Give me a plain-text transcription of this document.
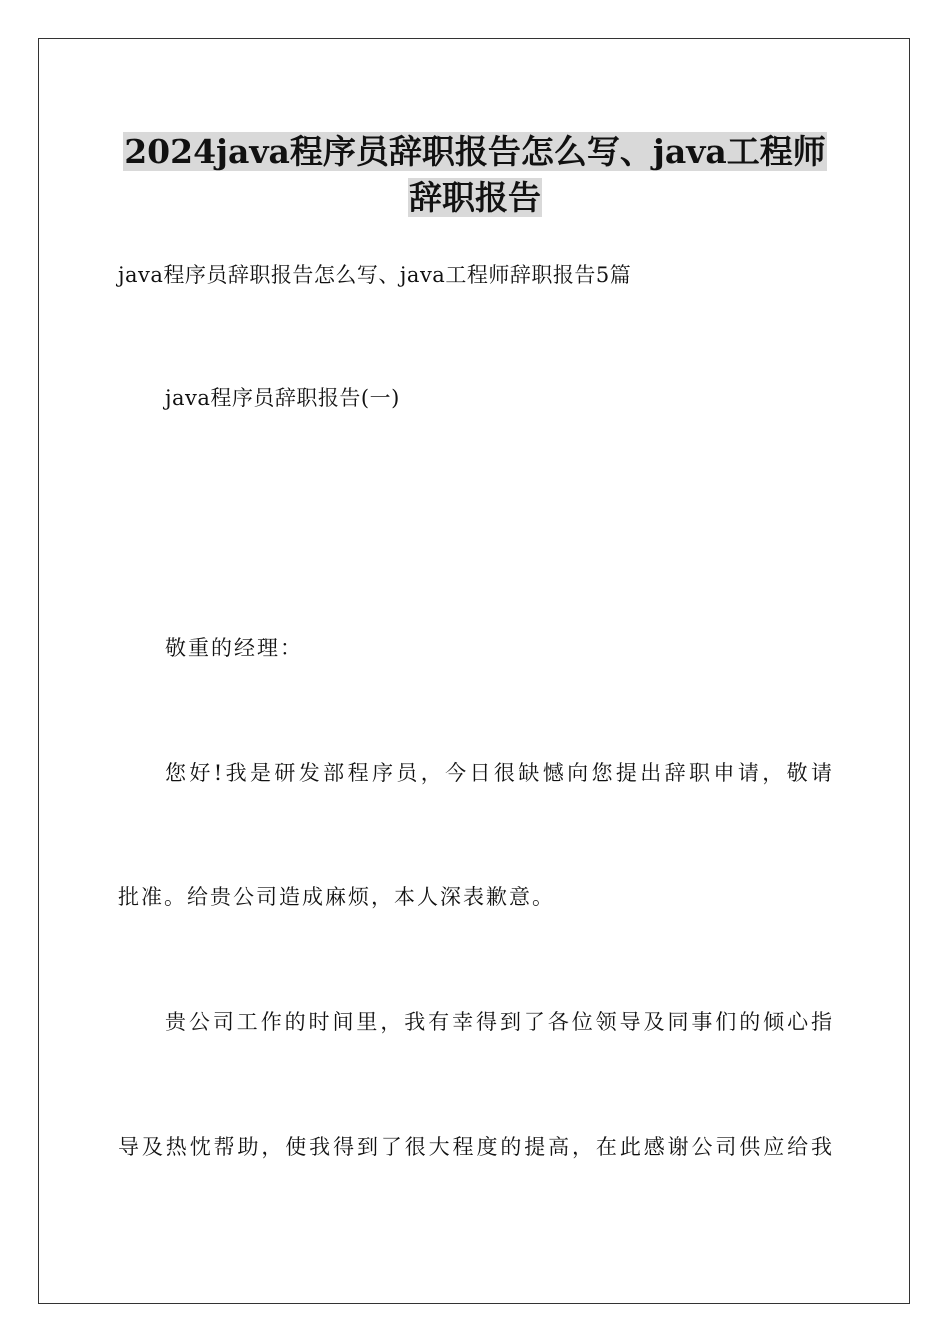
2024java程序员辞职报告怎么写、java工程师
辞职报告
java程序员辞职报告怎么写、java工程师辞职报告5篇
java程序员辞职报告(一)
敬重的经理：
您好!我是研发部程序员，今日很缺憾向您提出辞职申请，敬请
批准。给贵公司造成麻烦，本人深表歉意。
贵公司工作的时间里，我有幸得到了各位领导及同事们的倾心指
导及热忱帮助，使我得到了很大程度的提高，在此感谢公司供应给我
